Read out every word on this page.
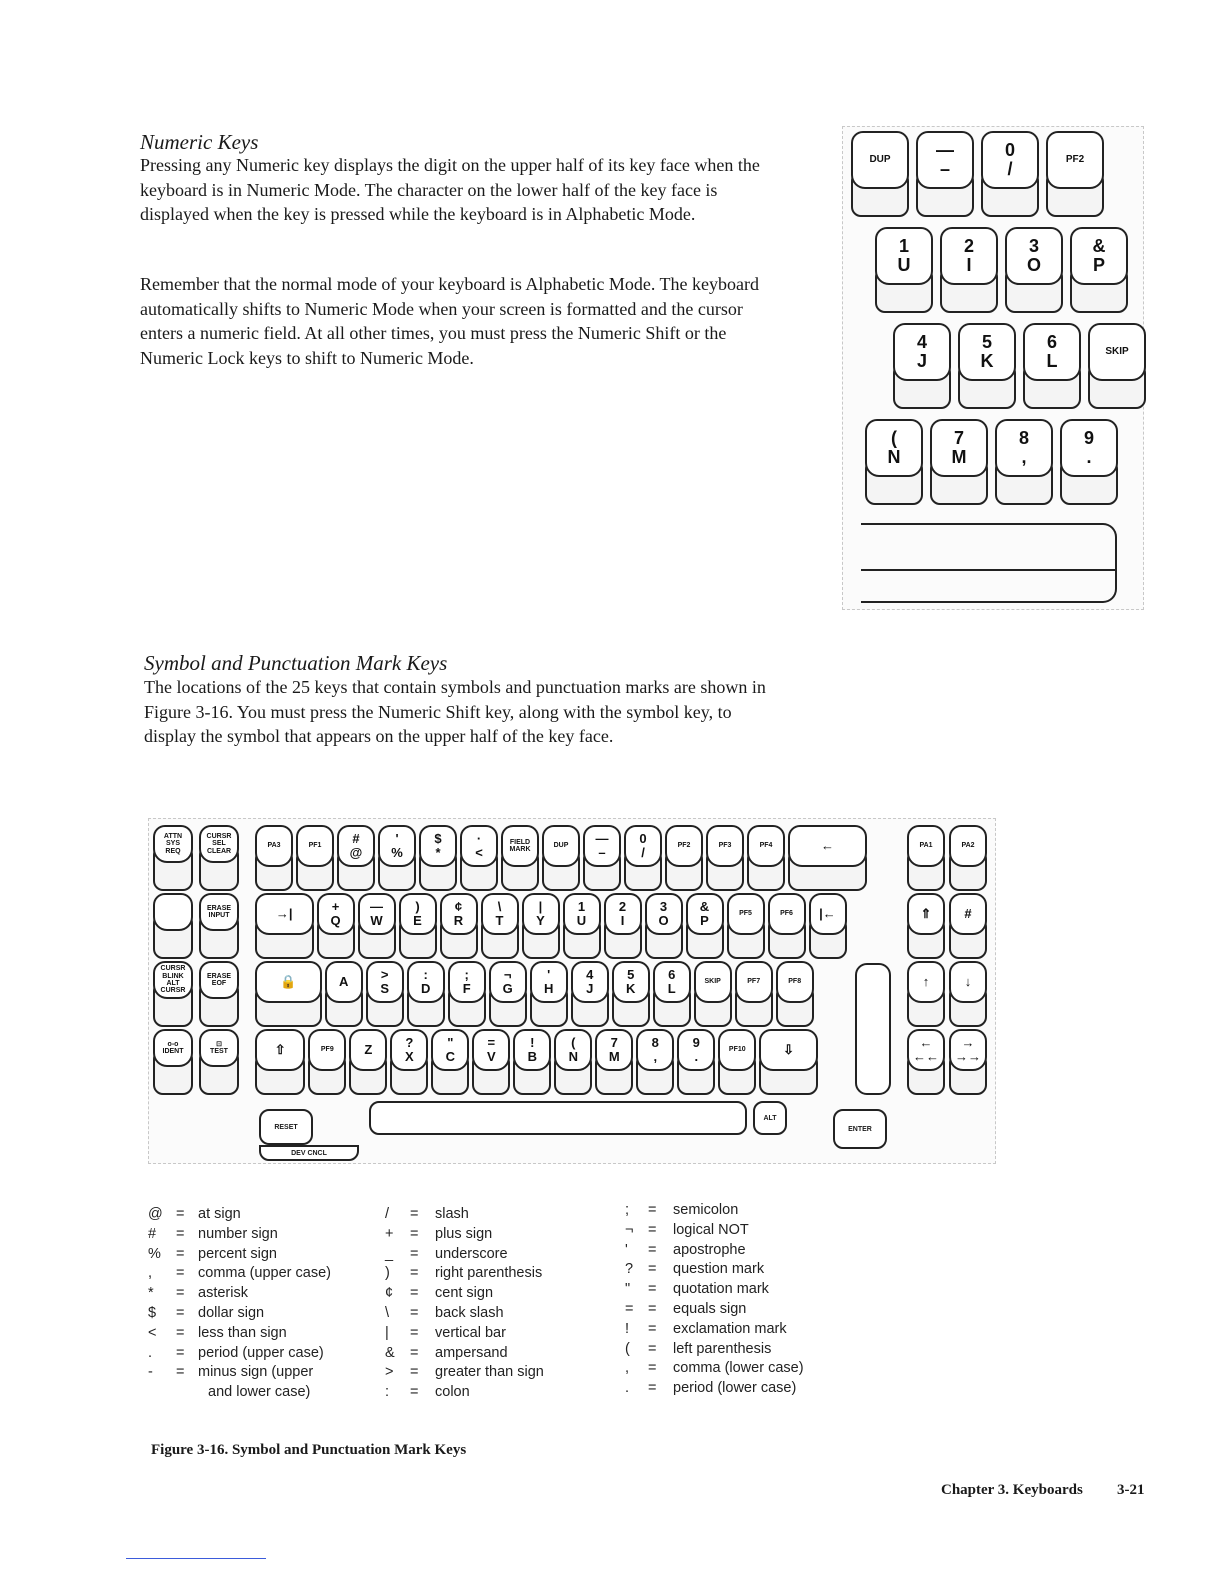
Numeric Keys

Pressing any Numeric key displays the digit on the upper half of its key face when the keyboard is in Numeric Mode. The character on the lower half of the key face is displayed when the key is pressed while the keyboard is in Alphabetic Mode.

Remember that the normal mode of your keyboard is Alphabetic Mode. The keyboard automatically shifts to Numeric Mode when your screen is formatted and the cursor enters a numeric field. At all other times, you must press the Numeric Shift or the Numeric Lock keys to shift to Numeric Mode.

DUP	—
–
0
/	PF2
1
U
2
I
3
O
&
P
4
J
5
K
6
L	SKIP
(
N
7
M
8
,
9
.
Symbol and Punctuation Mark Keys

The locations of the 25 keys that contain symbols and punctuation marks are shown in Figure 3-16. You must press the Numeric Shift key, along with the symbol key, to display the symbol that appears on the upper half of the key face.

ATTN
SYS
REQ
CURSR
SEL
CLEAR
ERASE
INPUT
CURSR
BLINK
ALT
CURSR
ERASE
EOF
o-o
IDENT
⊡
TEST
PA3	PF1 #
@
'
%
$
*
·
<
FIELD
MARK
DUP —
–
0
/	PF2	PF3	PF4	←
→|	+
Q
—
W
)
E
¢
R
\
T
|
Y
1
U
2
I
3
O
&
P	PF5	PF6 |←
🔒	A	>
S
:
D
;
F
¬
G
'
H
4
J
5
K
6
L	SKIP	PF7	PF8
⇧	PF9 Z	?
X
"
C
=
V
!
B
(
N
7
M
8
,
9
.	PF10	⇩
PA1	PA2
⇑	#
↑	↓
←
←←
→
→→
RESET
DEV CNCL
ALT
ENTER
@ = at sign
#	= number sign
%	= percent sign
,	= comma (upper case)
*	= asterisk
$	= dollar sign
<	= less than sign
.	= period (upper case)
-	= minus sign (upper
and lower case)
/	= slash
+	= plus sign
_	= underscore
)	= right parenthesis
¢	= cent sign
\	= back slash
|	= vertical bar
&	= ampersand
>	= greater than sign
:	= colon
;	= semicolon
¬	= logical NOT
'	= apostrophe
?	= question mark
"	= quotation mark
=	= equals sign
!	= exclamation mark
(	= left parenthesis
,	= comma (lower case)
.	= period (lower case)
Figure 3-16. Symbol and Punctuation Mark Keys
Chapter 3. Keyboards 3-21
